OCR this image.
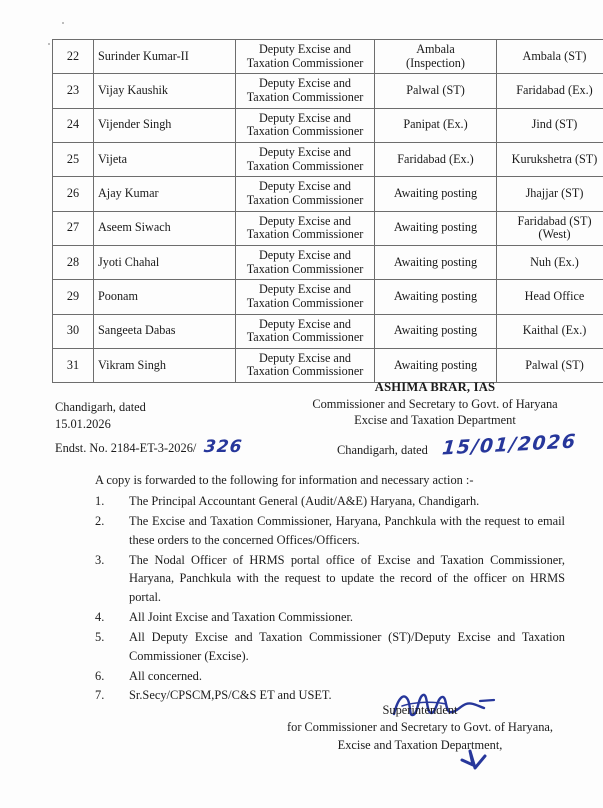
22	Surinder Kumar-II	Deputy Excise and
Taxation Commissioner	Ambala
(Inspection)	Ambala (ST)
23	Vijay Kaushik	Deputy Excise and
Taxation Commissioner	Palwal (ST)	Faridabad (Ex.)
24	Vijender Singh	Deputy Excise and
Taxation Commissioner	Panipat (Ex.)	Jind (ST)
25	Vijeta	Deputy Excise and
Taxation Commissioner	Faridabad (Ex.)	Kurukshetra (ST)
26	Ajay Kumar	Deputy Excise and
Taxation Commissioner	Awaiting posting	Jhajjar (ST)
27	Aseem Siwach	Deputy Excise and
Taxation Commissioner	Awaiting posting	Faridabad (ST)
(West)

28	Jyoti Chahal	Deputy Excise and
Taxation Commissioner	Awaiting posting	Nuh (Ex.)
29	Poonam	Deputy Excise and
Taxation Commissioner	Awaiting posting	Head Office
30	Sangeeta Dabas	Deputy Excise and
Taxation Commissioner	Awaiting posting	Kaithal (Ex.)
31	Vikram Singh	Deputy Excise and
Taxation Commissioner	Awaiting posting	Palwal (ST)
ASHIMA BRAR, IAS
Commissioner and Secretary to Govt. of Haryana
Excise and Taxation Department
Chandigarh, dated
15.01.2026
Endst. No. 2184-ET-3-2026/ 326	Chandigarh, dated 15/01/2026
A copy is forwarded to the following for information and necessary action :-
1.	The Principal Accountant General (Audit/A&E) Haryana, Chandigarh.
2.	The Excise and Taxation Commissioner, Haryana, Panchkula with the request to email these orders to the concerned Offices/Officers.
3.	The Nodal Officer of HRMS portal office of Excise and Taxation Commissioner, Haryana, Panchkula with the request to update the record of the officer on HRMS portal.
4.	All Joint Excise and Taxation Commissioner.
5.	All Deputy Excise and Taxation Commissioner (ST)/Deputy Excise and Taxation Commissioner (Excise).
6.	All concerned.
7.	Sr.Secy/CPSCM,PS/C&S ET and USET.
Superintendent
for Commissioner and Secretary to Govt. of Haryana,
Excise and Taxation Department,
